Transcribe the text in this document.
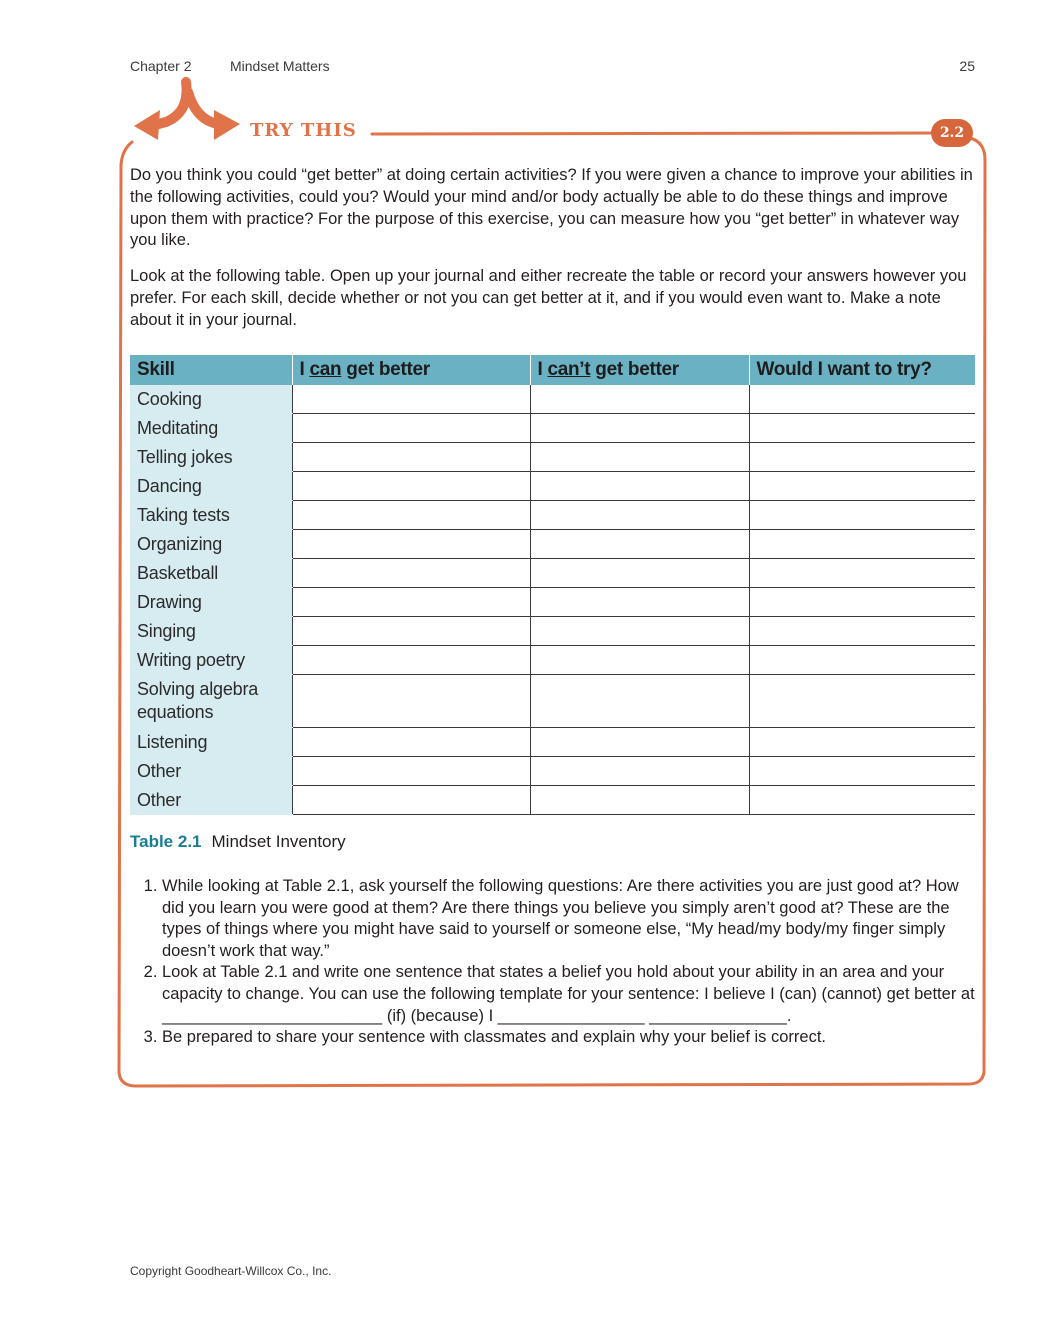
Chapter 2	Mindset Matters	25
TRY THIS	2.2
Do you think you could “get better” at doing certain activities? If you were given a chance to improve your abilities in the following activities, could you? Would your mind and/or body actually be able to do these things and improve upon them with practice? For the purpose of this exercise, you can measure how you “get better” in whatever way you like.
Look at the following table. Open up your journal and either recreate the table or record your answers however you prefer. For each skill, decide whether or not you can get better at it, and if you would even want to. Make a note about it in your journal.
Skill	I can get better	I can’t get better	Would I want to try?
Cooking			
Meditating			
Telling jokes			
Dancing			
Taking tests			
Organizing			
Basketball			
Drawing			
Singing			
Writing poetry			
Solving algebra equations			
Listening			
Other			
Other			
Table 2.1 Mindset Inventory
1. While looking at Table 2.1, ask yourself the following questions: Are there activities you are just good at? How did you learn you were good at them? Are there things you believe you simply aren’t good at? These are the types of things where you might have said to yourself or someone else, “My head/my body/my finger simply doesn’t work that way.”
2. Look at Table 2.1 and write one sentence that states a belief you hold about your ability in an area and your capacity to change. You can use the following template for your sentence: I believe I (can) (cannot) get better at ________________________ (if) (because) I ________________ _______________.
3. Be prepared to share your sentence with classmates and explain why your belief is correct.
Copyright Goodheart-Willcox Co., Inc.
